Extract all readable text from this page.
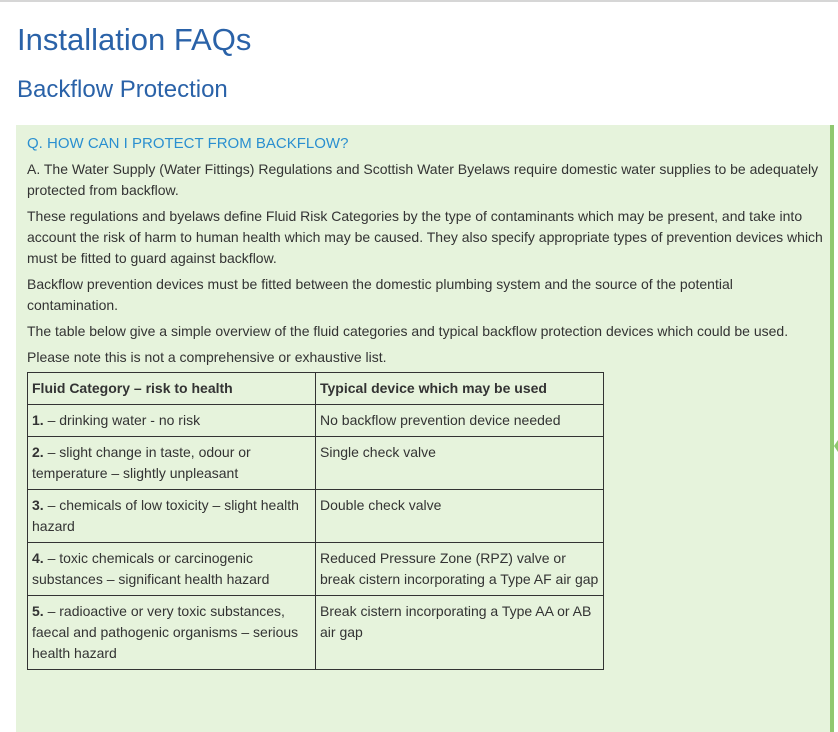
Installation FAQs
Backflow Protection

Q. HOW CAN I PROTECT FROM BACKFLOW?

A. The Water Supply (Water Fittings) Regulations and Scottish Water Byelaws require domestic water supplies to be adequately protected from backflow.

These regulations and byelaws define Fluid Risk Categories by the type of contaminants which may be present, and take into account the risk of harm to human health which may be caused. They also specify appropriate types of prevention devices which must be fitted to guard against backflow.

Backflow prevention devices must be fitted between the domestic plumbing system and the source of the potential contamination.

The table below give a simple overview of the fluid categories and typical backflow protection devices which could be used.

Please note this is not a comprehensive or exhaustive list.

Fluid Category – risk to health	Typical device which may be used
1. – drinking water - no risk	No backflow prevention device needed
2. – slight change in taste, odour or temperature – slightly unpleasant	Single check valve
3. – chemicals of low toxicity – slight health hazard	Double check valve
4. – toxic chemicals or carcinogenic substances – significant health hazard	Reduced Pressure Zone (RPZ) valve or break cistern incorporating a Type AF air gap
5. – radioactive or very toxic substances, faecal and pathogenic organisms – serious health hazard	Break cistern incorporating a Type AA or AB air gap
